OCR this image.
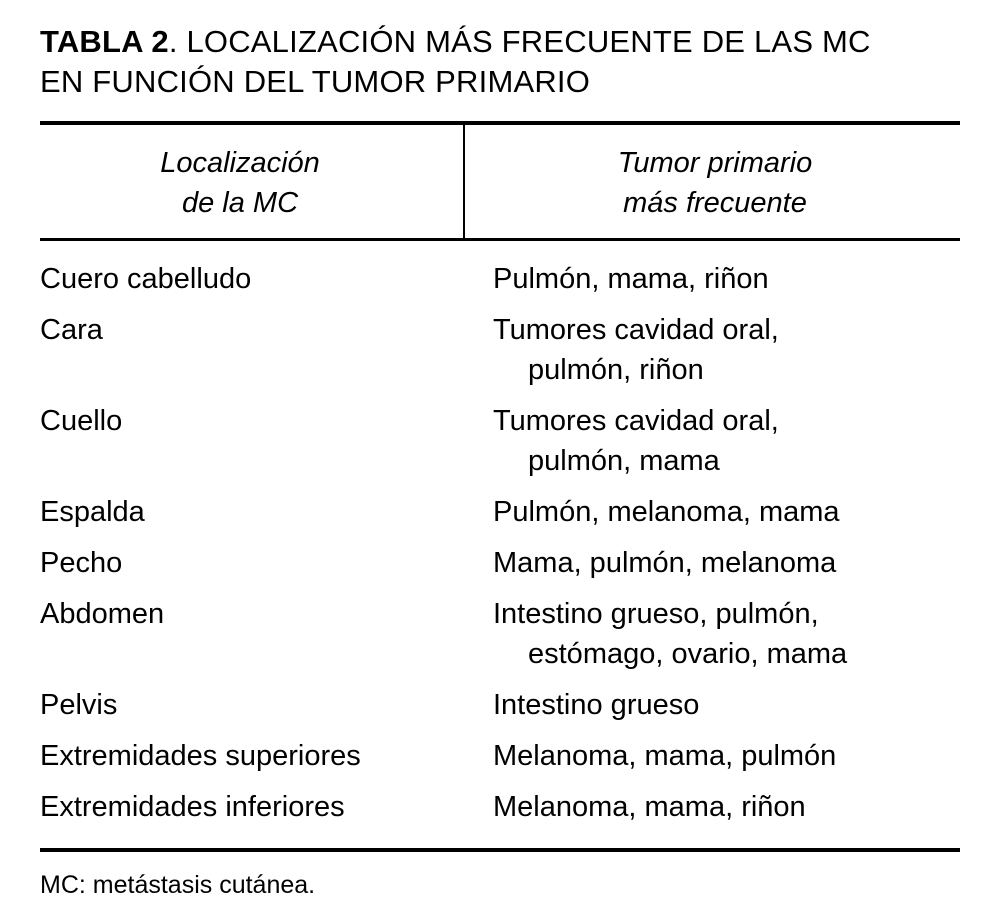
TABLA 2. LOCALIZACIÓN MÁS FRECUENTE DE LAS MC
EN FUNCIÓN DEL TUMOR PRIMARIO
Localización
de la MC
Tumor primario
más frecuente
Cuero cabelludo	Pulmón, mama, riñon
Cara	Tumores cavidad oral,
pulmón, riñon
Cuello	Tumores cavidad oral,
pulmón, mama
Espalda	Pulmón, melanoma, mama
Pecho	Mama, pulmón, melanoma
Abdomen	Intestino grueso, pulmón,
estómago, ovario, mama
Pelvis	Intestino grueso
Extremidades superiores	Melanoma, mama, pulmón
Extremidades inferiores	Melanoma, mama, riñon
MC: metástasis cutánea.
